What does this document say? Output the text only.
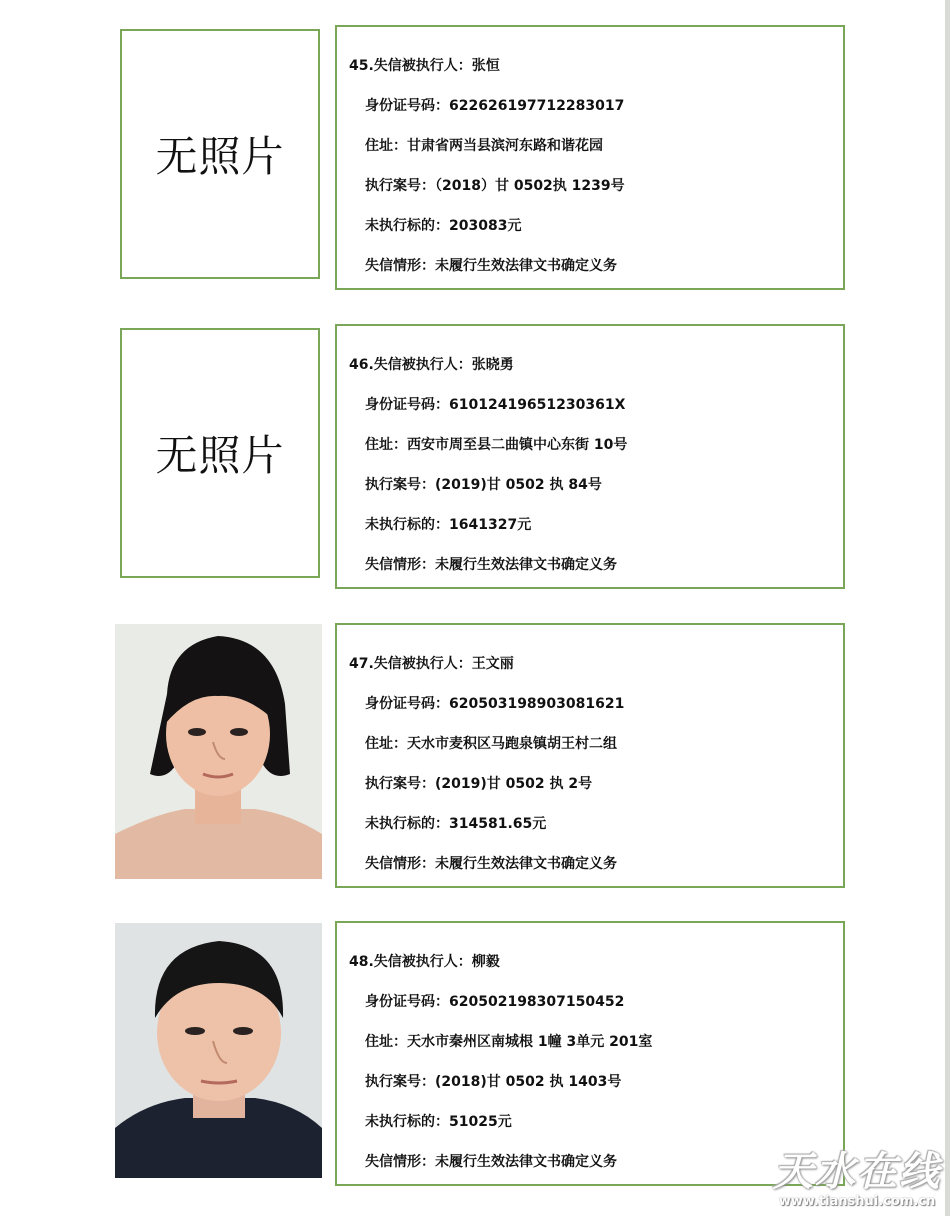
无照片
45.失信被执行人：张恒
身份证号码：622626197712283017
住址：甘肃省两当县滨河东路和谐花园
执行案号：（2018）甘 0502执 1239号
未执行标的：203083元
失信情形：未履行生效法律文书确定义务
无照片
46.失信被执行人：张晓勇
身份证号码：61012419651230361X
住址：西安市周至县二曲镇中心东街 10号
执行案号：(2019)甘 0502 执 84号
未执行标的：1641327元
失信情形：未履行生效法律文书确定义务
47.失信被执行人：王文丽
身份证号码：620503198903081621
住址：天水市麦积区马跑泉镇胡王村二组
执行案号：(2019)甘 0502 执 2号
未执行标的：314581.65元
失信情形：未履行生效法律文书确定义务
48.失信被执行人：柳毅
身份证号码：620502198307150452
住址：天水市秦州区南城根 1幢 3单元 201室
执行案号：(2018)甘 0502 执 1403号
未执行标的：51025元
失信情形：未履行生效法律文书确定义务	天水在线
www.tianshui.com.cn
